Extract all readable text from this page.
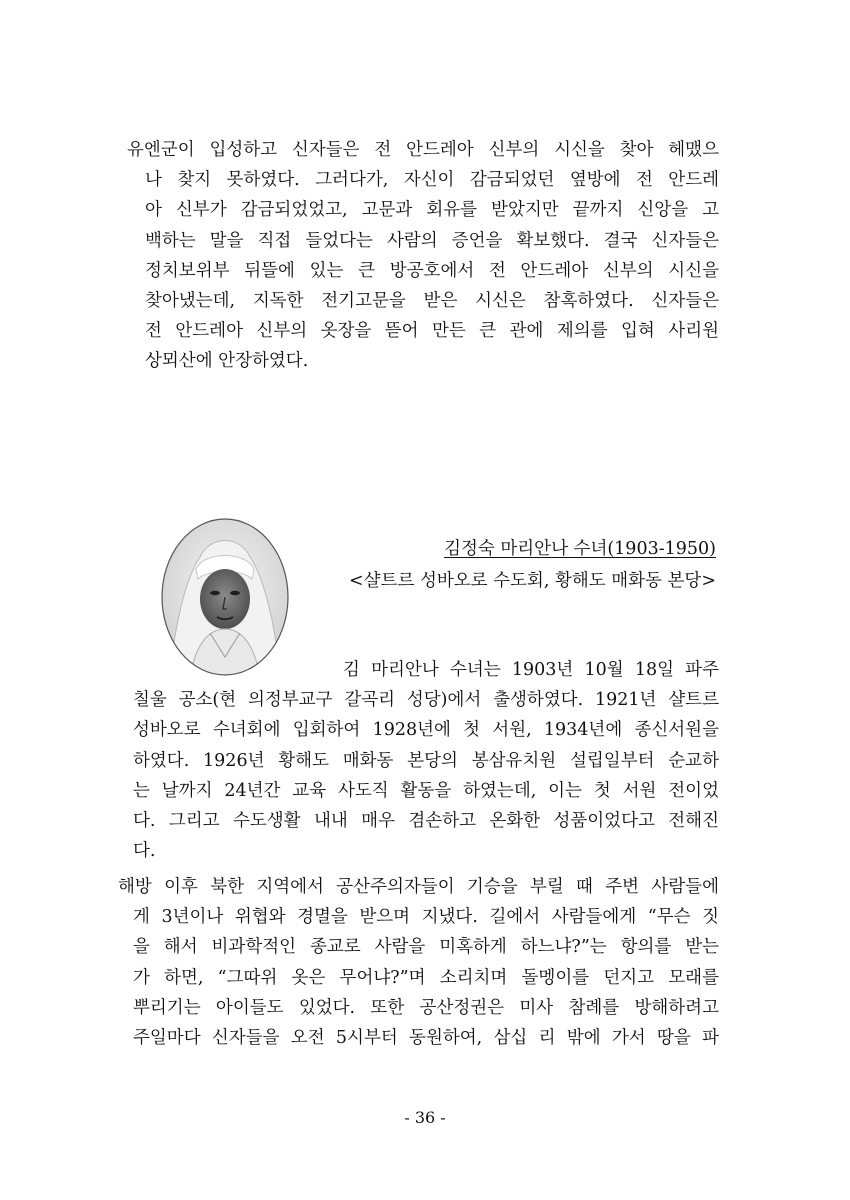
유엔군이 입성하고 신자들은 전 안드레아 신부의 시신을 찾아 헤맸으
나 찾지 못하였다. 그러다가, 자신이 감금되었던 옆방에 전 안드레
아 신부가 감금되었었고, 고문과 회유를 받았지만 끝까지 신앙을 고
백하는 말을 직접 들었다는 사람의 증언을 확보했다. 결국 신자들은
정치보위부 뒤뜰에 있는 큰 방공호에서 전 안드레아 신부의 시신을
찾아냈는데, 지독한 전기고문을 받은 시신은 참혹하였다. 신자들은
전 안드레아 신부의 옷장을 뜯어 만든 큰 관에 제의를 입혀 사리원
상뫼산에 안장하였다.
김정숙 마리안나 수녀(1903-1950)
<샬트르 성바오로 수도회, 황해도 매화동 본당>
김 마리안나 수녀는 1903년 10월 18일 파주
칠울 공소(현 의정부교구 갈곡리 성당)에서 출생하였다. 1921년 샬트르
성바오로 수녀회에 입회하여 1928년에 첫 서원, 1934년에 종신서원을
하였다. 1926년 황해도 매화동 본당의 봉삼유치원 설립일부터 순교하
는 날까지 24년간 교육 사도직 활동을 하였는데, 이는 첫 서원 전이었
다. 그리고 수도생활 내내 매우 겸손하고 온화한 성품이었다고 전해진
다.
해방 이후 북한 지역에서 공산주의자들이 기승을 부릴 때 주변 사람들에
게 3년이나 위협와 경멸을 받으며 지냈다. 길에서 사람들에게 “무슨 짓
을 해서 비과학적인 종교로 사람을 미혹하게 하느냐?”는 항의를 받는
가 하면, “그따위 옷은 무어냐?”며 소리치며 돌멩이를 던지고 모래를
뿌리기는 아이들도 있었다. 또한 공산정권은 미사 참례를 방해하려고
주일마다 신자들을 오전 5시부터 동원하여, 삼십 리 밖에 가서 땅을 파
- 36 -
